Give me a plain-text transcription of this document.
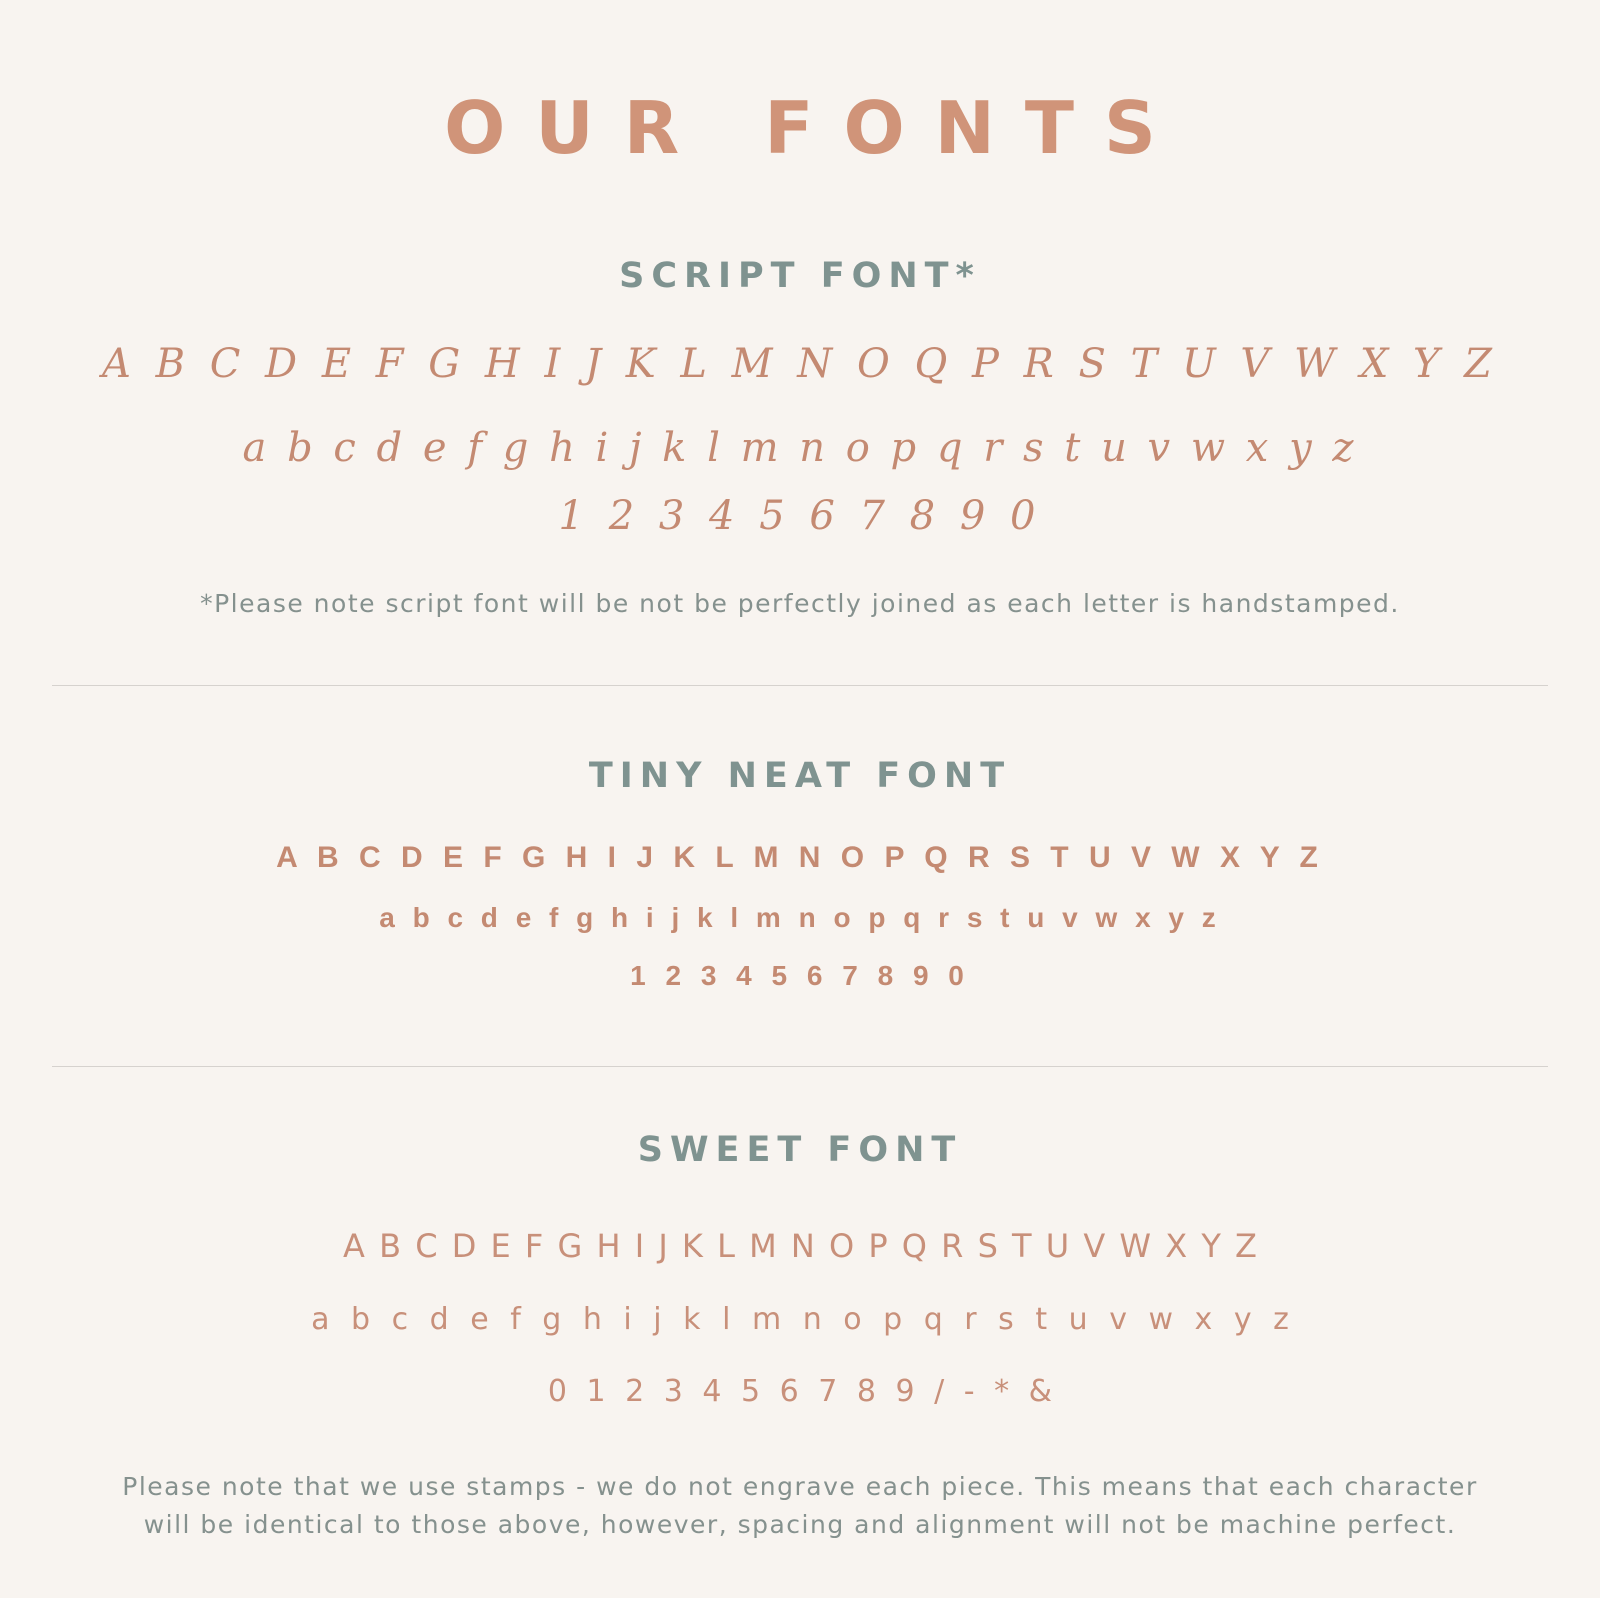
OUR FONTS
SCRIPT FONT*
A B C D E F G H I J K L M N O Q P R S T U V W X Y Z
a b c d e f g h i j k l m n o p q r s t u v w x y z
1 2 3 4 5 6 7 8 9 0
*Please note script font will be not be perfectly joined as each letter is handstamped.
TINY NEAT FONT
A B C D E F G H I J K L M N O P Q R S T U V W X Y Z
a b c d e f g h i j k l m n o p q r s t u v w x y z
1 2 3 4 5 6 7 8 9 0
SWEET FONT
A B C D E F G H I J K L M N O P Q R S T U V W X Y Z
a b c d e f g h i j k l m n o p q r s t u v w x y z
0 1 2 3 4 5 6 7 8 9 / - * &
Please note that we use stamps - we do not engrave each piece. This means that each character
will be identical to those above, however, spacing and alignment will not be machine perfect.
